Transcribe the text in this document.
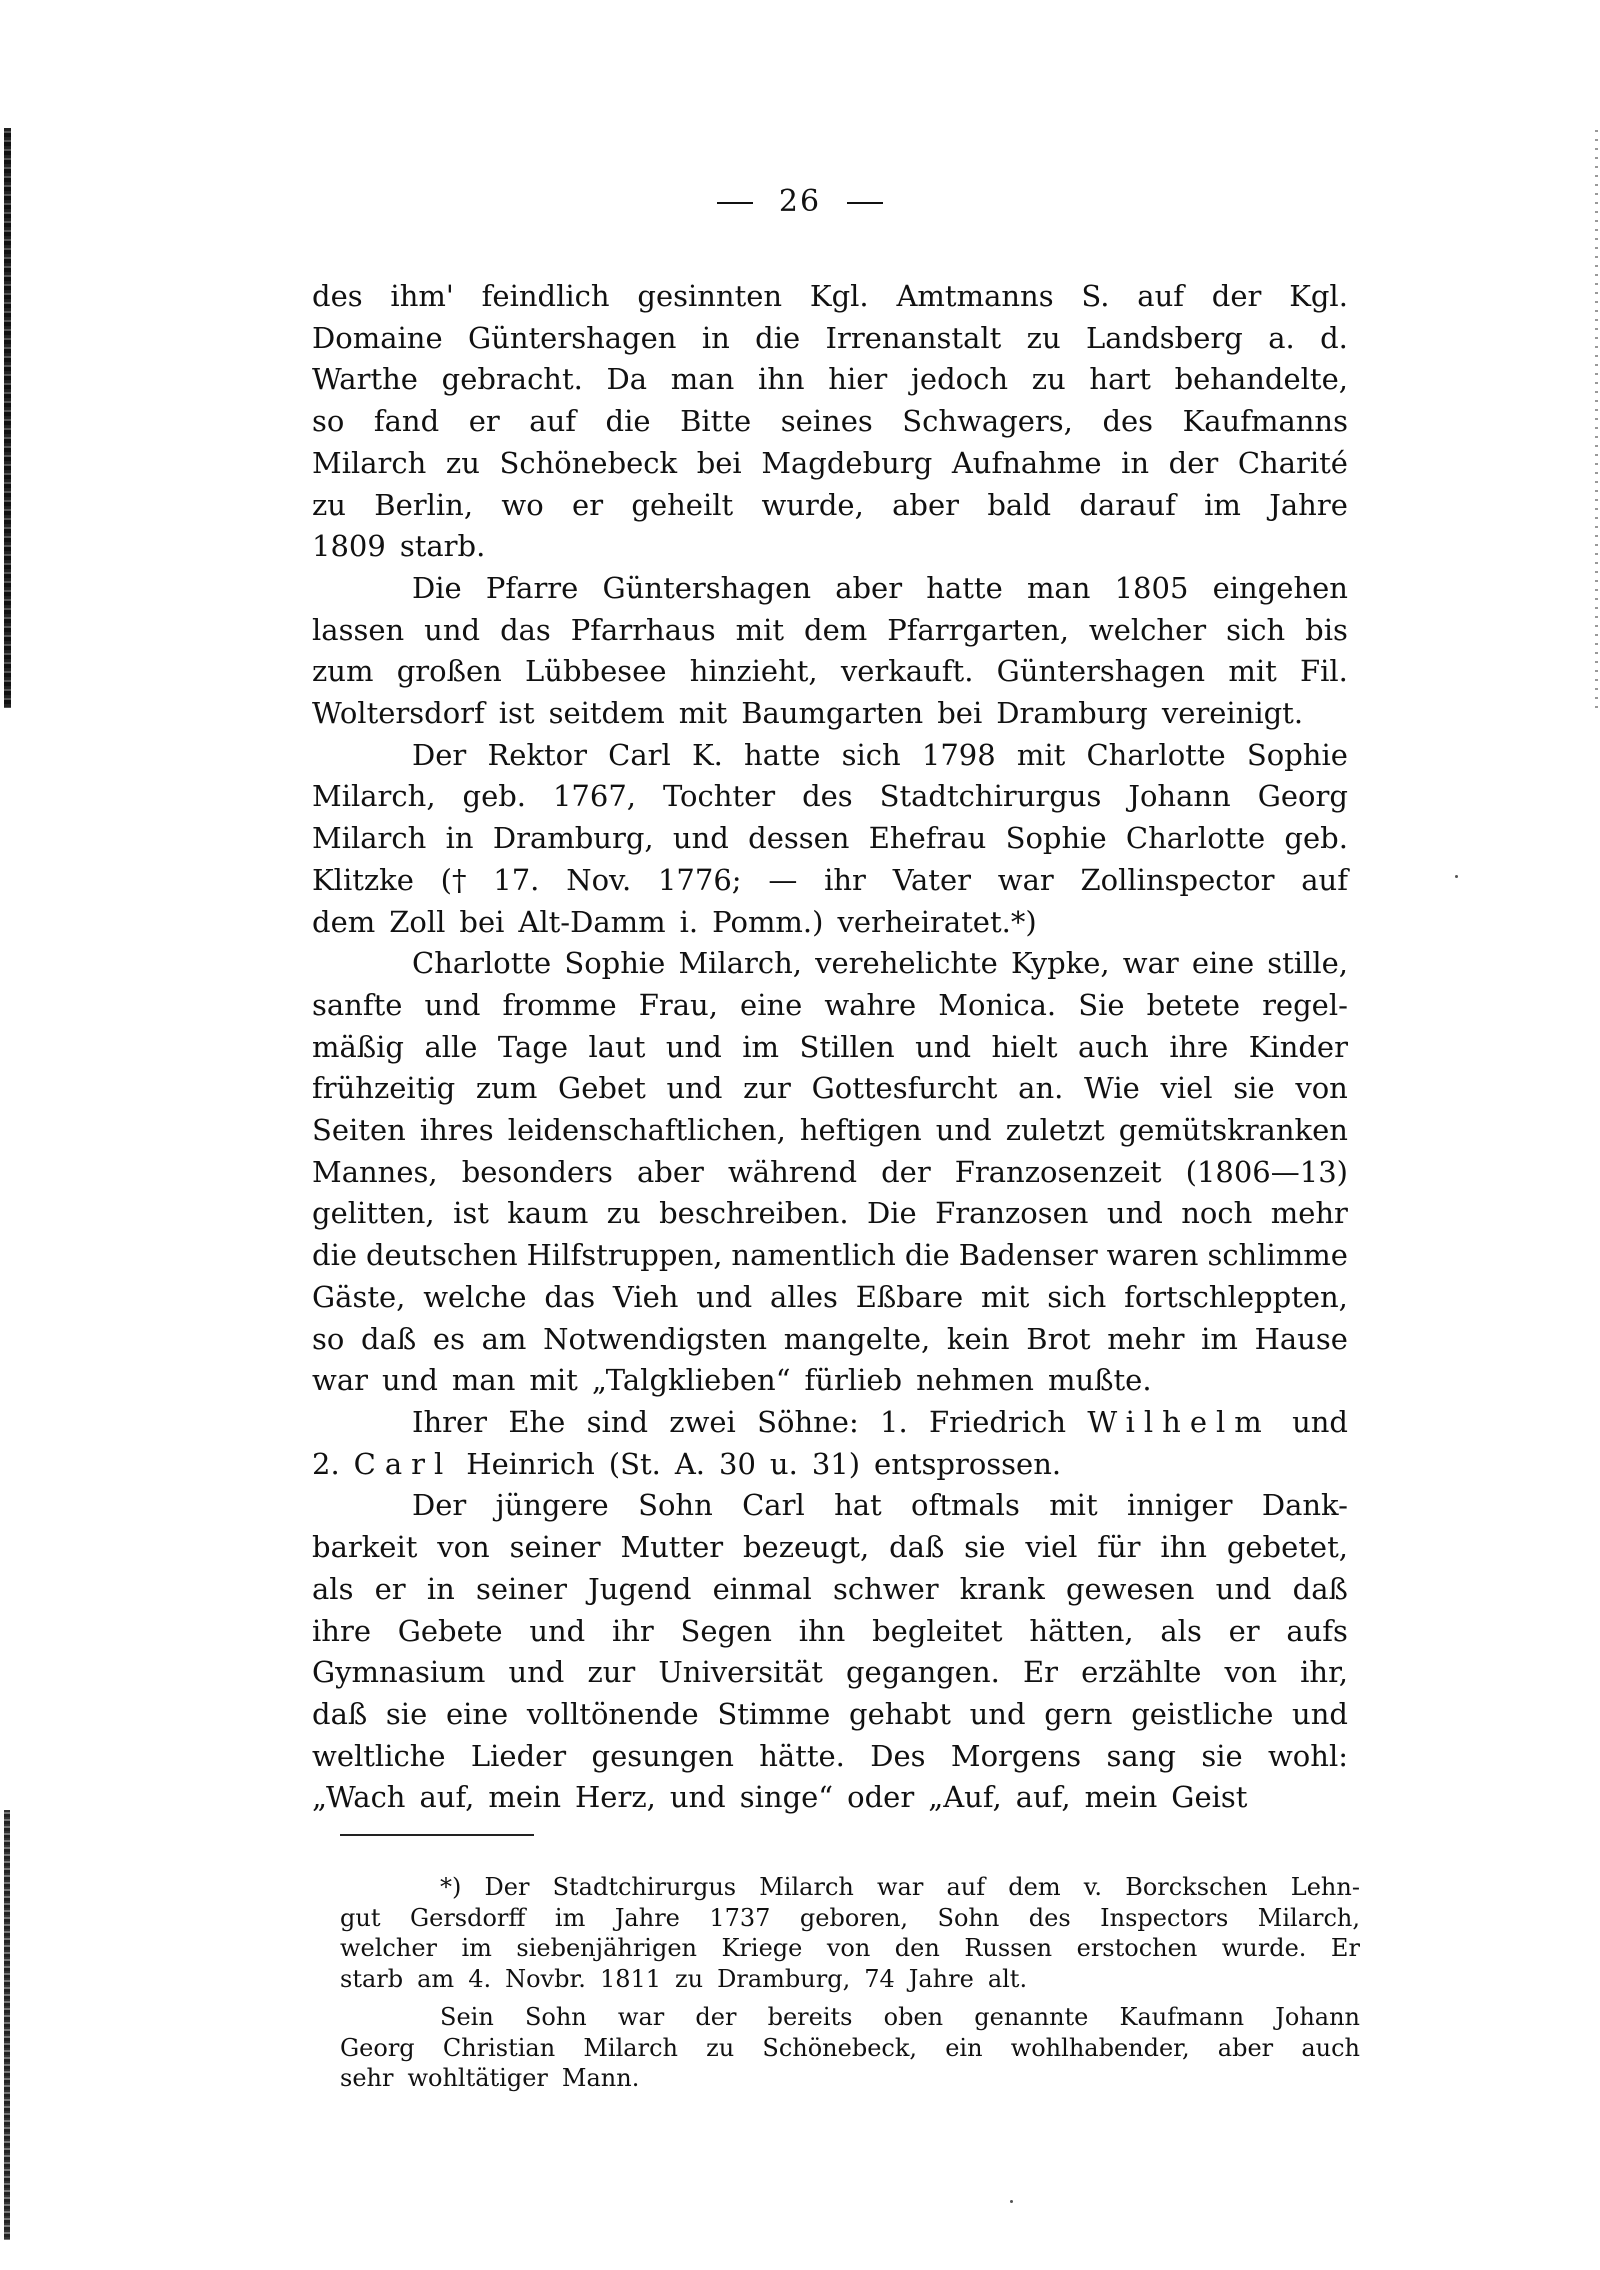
26
des ihm' feindlich gesinnten Kgl. Amtmanns S. auf der Kgl.
Domaine Güntershagen in die Irrenanstalt zu Landsberg a. d.
Warthe gebracht. Da man ihn hier jedoch zu hart behandelte,
so fand er auf die Bitte seines Schwagers, des Kaufmanns
Milarch zu Schönebeck bei Magdeburg Aufnahme in der Charité
zu Berlin, wo er geheilt wurde, aber bald darauf im Jahre
1809 starb.
Die Pfarre Güntershagen aber hatte man 1805 eingehen
lassen und das Pfarrhaus mit dem Pfarrgarten, welcher sich bis
zum großen Lübbesee hinzieht, verkauft. Güntershagen mit Fil.
Woltersdorf ist seitdem mit Baumgarten bei Dramburg vereinigt.
Der Rektor Carl K. hatte sich 1798 mit Charlotte Sophie
Milarch, geb. 1767, Tochter des Stadtchirurgus Johann Georg
Milarch in Dramburg, und dessen Ehefrau Sophie Charlotte geb.
Klitzke († 17. Nov. 1776; — ihr Vater war Zollinspector auf
dem Zoll bei Alt-Damm i. Pomm.) verheiratet.*)
Charlotte Sophie Milarch, verehelichte Kypke, war eine stille,
sanfte und fromme Frau, eine wahre Monica. Sie betete regel-
mäßig alle Tage laut und im Stillen und hielt auch ihre Kinder
frühzeitig zum Gebet und zur Gottesfurcht an. Wie viel sie von
Seiten ihres leidenschaftlichen, heftigen und zuletzt gemütskranken
Mannes, besonders aber während der Franzosenzeit (1806—13)
gelitten, ist kaum zu beschreiben. Die Franzosen und noch mehr
die deutschen Hilfstruppen, namentlich die Badenser waren schlimme
Gäste, welche das Vieh und alles Eßbare mit sich fortschleppten,
so daß es am Notwendigsten mangelte, kein Brot mehr im Hause
war und man mit „Talgklieben“ fürlieb nehmen mußte.
Ihrer Ehe sind zwei Söhne: 1. Friedrich Wilhelm und
2. Carl Heinrich (St. A. 30 u. 31) entsprossen.
Der jüngere Sohn Carl hat oftmals mit inniger Dank-
barkeit von seiner Mutter bezeugt, daß sie viel für ihn gebetet,
als er in seiner Jugend einmal schwer krank gewesen und daß
ihre Gebete und ihr Segen ihn begleitet hätten, als er aufs
Gymnasium und zur Universität gegangen. Er erzählte von ihr,
daß sie eine volltönende Stimme gehabt und gern geistliche und
weltliche Lieder gesungen hätte. Des Morgens sang sie wohl:
„Wach auf, mein Herz, und singe“ oder „Auf, auf, mein Geist
*) Der Stadtchirurgus Milarch war auf dem v. Borckschen Lehn-
gut Gersdorff im Jahre 1737 geboren, Sohn des Inspectors Milarch,
welcher im siebenjährigen Kriege von den Russen erstochen wurde. Er
starb am 4. Novbr. 1811 zu Dramburg, 74 Jahre alt.
Sein Sohn war der bereits oben genannte Kaufmann Johann
Georg Christian Milarch zu Schönebeck, ein wohlhabender, aber auch
sehr wohltätiger Mann.
